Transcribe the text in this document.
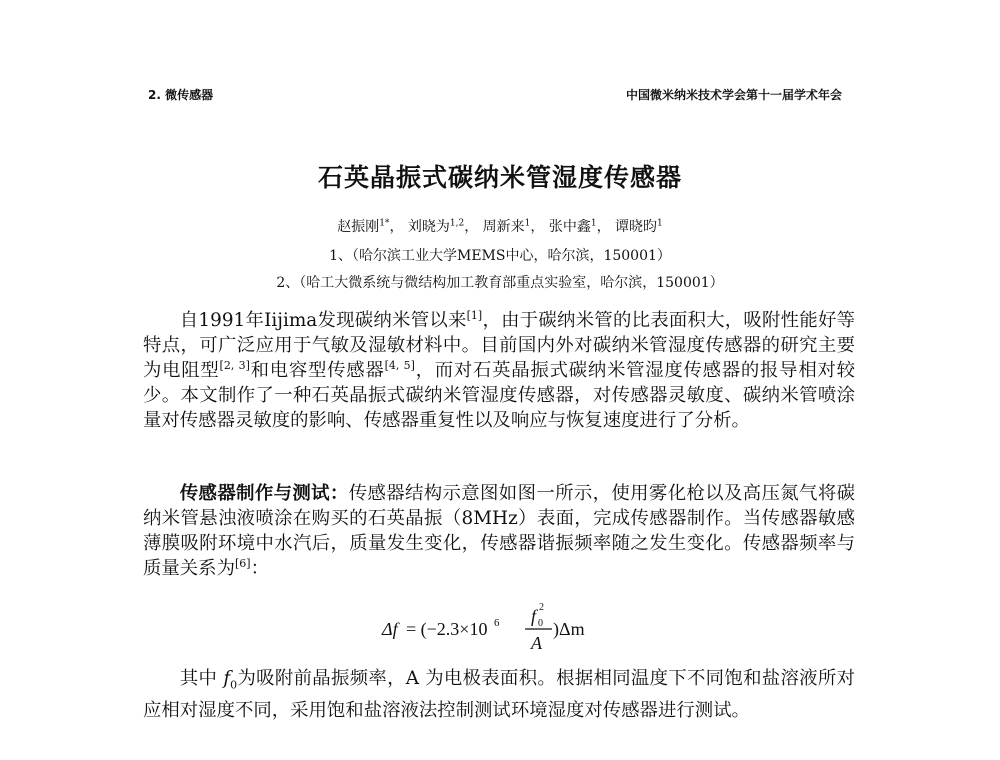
2. 微传感器	中国微米纳米技术学会第十一届学术年会
石英晶振式碳纳米管湿度传感器
赵振刚$^{1*}$， 刘晓为$^{1,2}$， 周新来$^1$， 张中鑫$^1$， 谭晓昀$^1$
1、（哈尔滨工业大学MEMS中心，哈尔滨，150001）
2、（哈工大微系统与微结构加工教育部重点实验室，哈尔滨，150001）

自1991年Iijima发现碳纳米管以来[1]，由于碳纳米管的比表面积大，吸附性能好等特点，可广泛应用于气敏及湿敏材料中。目前国内外对碳纳米管湿度传感器的研究主要为电阻型[2, 3]和电容型传感器[4, 5]，而对石英晶振式碳纳米管湿度传感器的报导相对较少。本文制作了一种石英晶振式碳纳米管湿度传感器，对传感器灵敏度、碳纳米管喷涂量对传感器灵敏度的影响、传感器重复性以及响应与恢复速度进行了分析。

传感器制作与测试：传感器结构示意图如图一所示，使用雾化枪以及高压氮气将碳纳米管悬浊液喷涂在购买的石英晶振（8MHz）表面，完成传感器制作。当传感器敏感薄膜吸附环境中水汽后，质量发生变化，传感器谐振频率随之发生变化。传感器频率与质量关系为[6]：

Δf = (−2.3×10 6 f 0
2
A
)Δm

其中 $f_0$为吸附前晶振频率，A 为电极表面积。根据相同温度下不同饱和盐溶液所对应相对湿度不同，采用饱和盐溶液法控制测试环境湿度对传感器进行测试。
